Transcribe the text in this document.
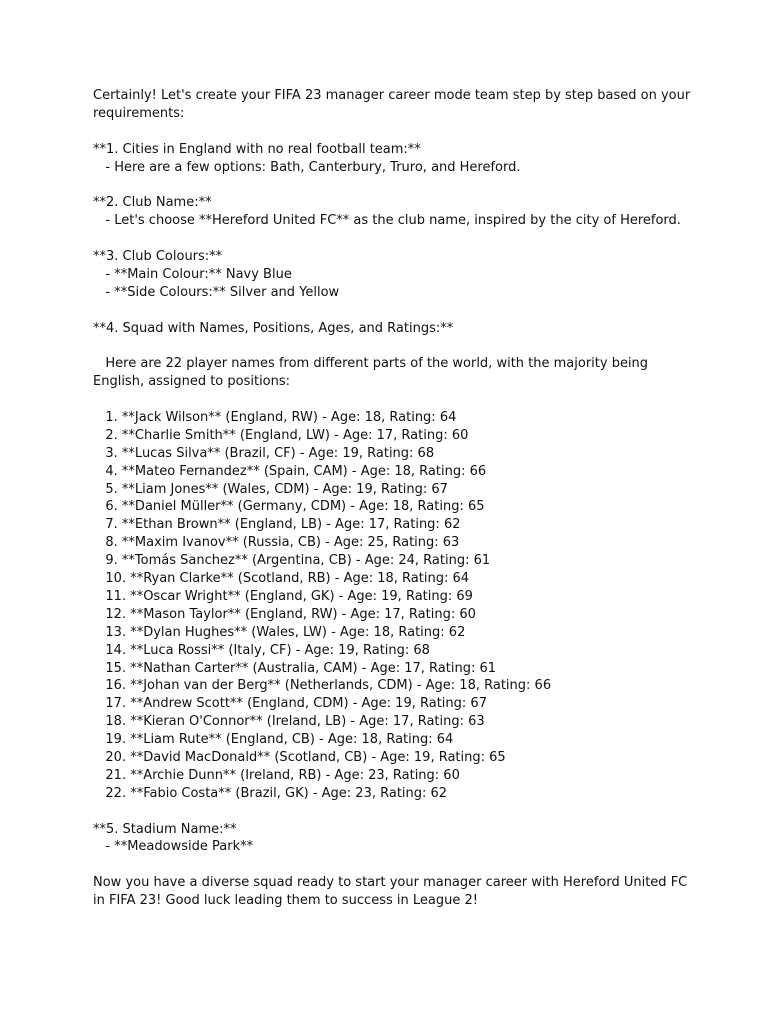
Certainly! Let's create your FIFA 23 manager career mode team step by step based on your
requirements:
**1. Cities in England with no real football team:**
- Here are a few options: Bath, Canterbury, Truro, and Hereford.
**2. Club Name:**
- Let's choose **Hereford United FC** as the club name, inspired by the city of Hereford.
**3. Club Colours:**
- **Main Colour:** Navy Blue
- **Side Colours:** Silver and Yellow
**4. Squad with Names, Positions, Ages, and Ratings:**
Here are 22 player names from different parts of the world, with the majority being
English, assigned to positions:
1. **Jack Wilson** (England, RW) - Age: 18, Rating: 64
2. **Charlie Smith** (England, LW) - Age: 17, Rating: 60
3. **Lucas Silva** (Brazil, CF) - Age: 19, Rating: 68
4. **Mateo Fernandez** (Spain, CAM) - Age: 18, Rating: 66
5. **Liam Jones** (Wales, CDM) - Age: 19, Rating: 67
6. **Daniel Müller** (Germany, CDM) - Age: 18, Rating: 65
7. **Ethan Brown** (England, LB) - Age: 17, Rating: 62
8. **Maxim Ivanov** (Russia, CB) - Age: 25, Rating: 63
9. **Tomás Sanchez** (Argentina, CB) - Age: 24, Rating: 61
10. **Ryan Clarke** (Scotland, RB) - Age: 18, Rating: 64
11. **Oscar Wright** (England, GK) - Age: 19, Rating: 69
12. **Mason Taylor** (England, RW) - Age: 17, Rating: 60
13. **Dylan Hughes** (Wales, LW) - Age: 18, Rating: 62
14. **Luca Rossi** (Italy, CF) - Age: 19, Rating: 68
15. **Nathan Carter** (Australia, CAM) - Age: 17, Rating: 61
16. **Johan van der Berg** (Netherlands, CDM) - Age: 18, Rating: 66
17. **Andrew Scott** (England, CDM) - Age: 19, Rating: 67
18. **Kieran O'Connor** (Ireland, LB) - Age: 17, Rating: 63
19. **Liam Rute** (England, CB) - Age: 18, Rating: 64
20. **David MacDonald** (Scotland, CB) - Age: 19, Rating: 65
21. **Archie Dunn** (Ireland, RB) - Age: 23, Rating: 60
22. **Fabio Costa** (Brazil, GK) - Age: 23, Rating: 62
**5. Stadium Name:**
- **Meadowside Park**
Now you have a diverse squad ready to start your manager career with Hereford United FC
in FIFA 23! Good luck leading them to success in League 2!
